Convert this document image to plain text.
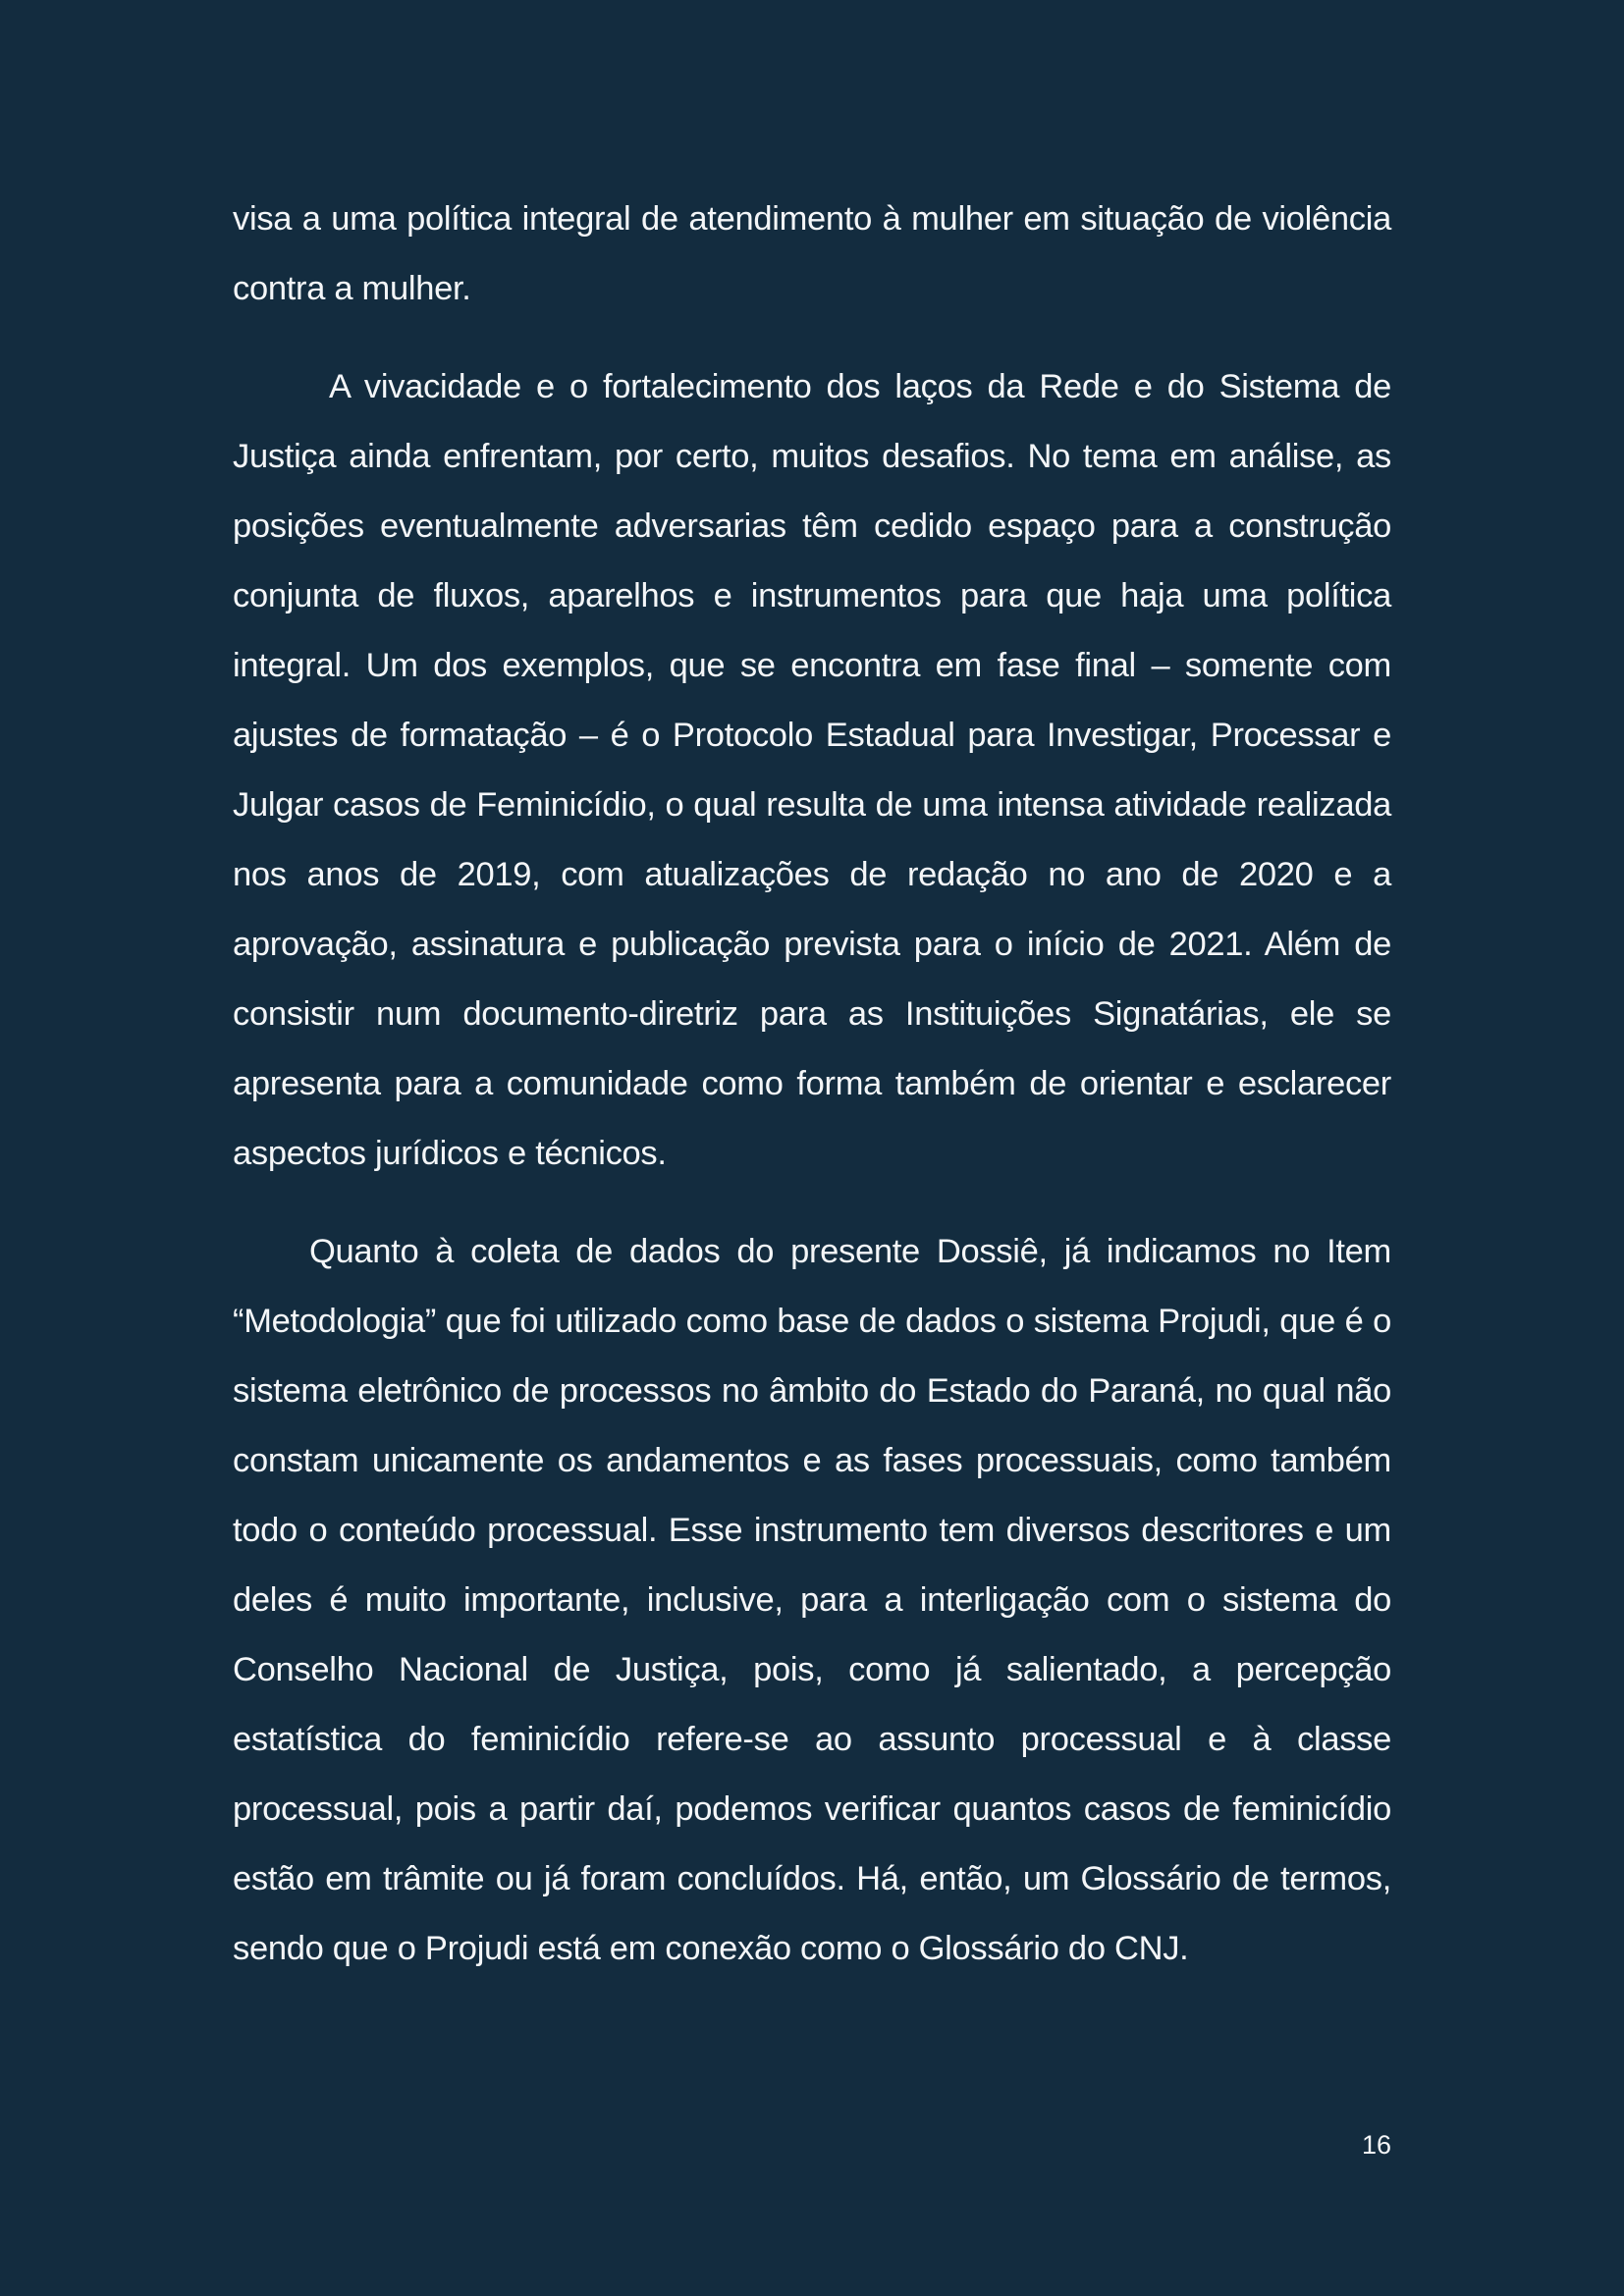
visa a uma política integral de atendimento à mulher em situação de violência contra a mulher.

A vivacidade e o fortalecimento dos laços da Rede e do Sistema de Justiça ainda enfrentam, por certo, muitos desafios. No tema em análise, as posições eventualmente adversarias têm cedido espaço para a construção conjunta de fluxos, aparelhos e instrumentos para que haja uma política integral. Um dos exemplos, que se encontra em fase final – somente com ajustes de formatação – é o Protocolo Estadual para Investigar, Processar e Julgar casos de Feminicídio, o qual resulta de uma intensa atividade realizada nos anos de 2019, com atualizações de redação no ano de 2020 e a aprovação, assinatura e publicação prevista para o início de 2021. Além de consistir num documento-diretriz para as Instituições Signatárias, ele se apresenta para a comunidade como forma também de orientar e esclarecer aspectos jurídicos e técnicos.

Quanto à coleta de dados do presente Dossiê, já indicamos no Item “Metodologia” que foi utilizado como base de dados o sistema Projudi, que é o sistema eletrônico de processos no âmbito do Estado do Paraná, no qual não constam unicamente os andamentos e as fases processuais, como também todo o conteúdo processual. Esse instrumento tem diversos descritores e um deles é muito importante, inclusive, para a interligação com o sistema do Conselho Nacional de Justiça, pois, como já salientado, a percepção estatística do feminicídio refere-se ao assunto processual e à classe processual, pois a partir daí, podemos verificar quantos casos de feminicídio estão em trâmite ou já foram concluídos. Há, então, um Glossário de termos, sendo que o Projudi está em conexão como o Glossário do CNJ.

16
